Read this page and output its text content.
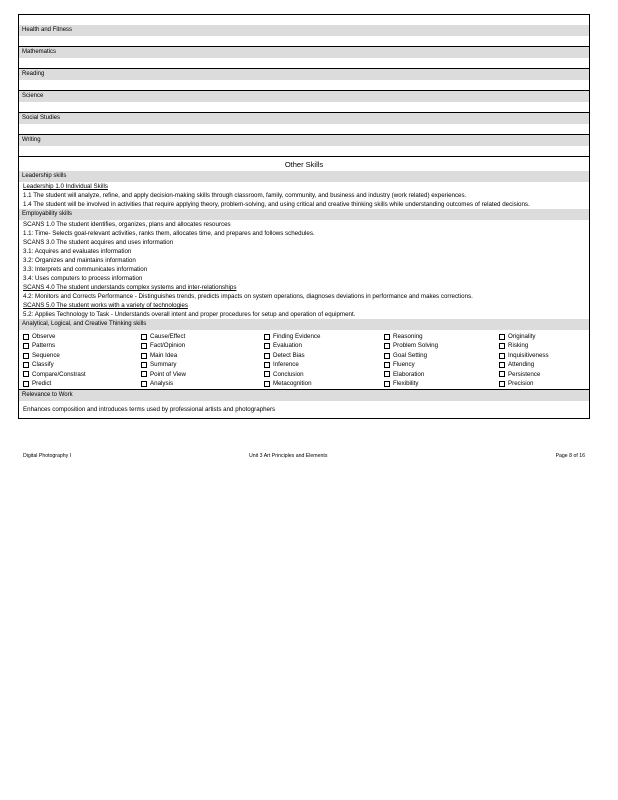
Health and Fitness
Mathematics
Reading
Science
Social Studies
Writing
Other Skills
Leadership skills
Leadership 1.0 Individual Skills
1.1 The student will analyze, refine, and apply decision-making skills through classroom, family, community, and business and industry (work related) experiences.
1.4 The student will be involved in activities that require applying theory, problem-solving, and using critical and creative thinking skills while understanding outcomes of related decisions.
Employability skills
SCANS 1.0 The student identifies, organizes, plans and allocates resources
1.1: Time- Selects goal-relevant activities, ranks them, allocates time, and prepares and follows schedules.
SCANS 3.0 The student acquires and uses information
3.1: Acquires and evaluates information
3.2: Organizes and maintains information
3.3: Interprets and communicates information
3.4: Uses computers to process information
SCANS 4.0 The student understands complex systems and inter-relationships
4.2: Monitors and Corrects Performance - Distinguishes trends, predicts impacts on system operations, diagnoses deviations in performance and makes corrections.
SCANS 5.0 The student works with a variety of technologies
5.2: Applies Technology to Task - Understands overall intent and proper procedures for setup and operation of equipment.
Analytical, Logical, and Creative Thinking skills
Observe	Cause/Effect	Finding Evidence	Reasoning	Originality
Patterns	Fact/Opinion	Evaluation	Problem Solving	Risking
Sequence	Main Idea	Detect Bias	Goal Setting	Inquisitiveness
Classify	Summary	Inference	Fluency	Attending
Compare/Constrast	Point of View	Conclusion	Elaboration	Persistence
Predict	Analysis	Metacognition	Flexibility	Precision
Relevance to Work
Enhances composition and introduces terms used by professional artists and photographers
Digital Photography I	Unit 3 Art Principles and Elements	Page 8 of 16
